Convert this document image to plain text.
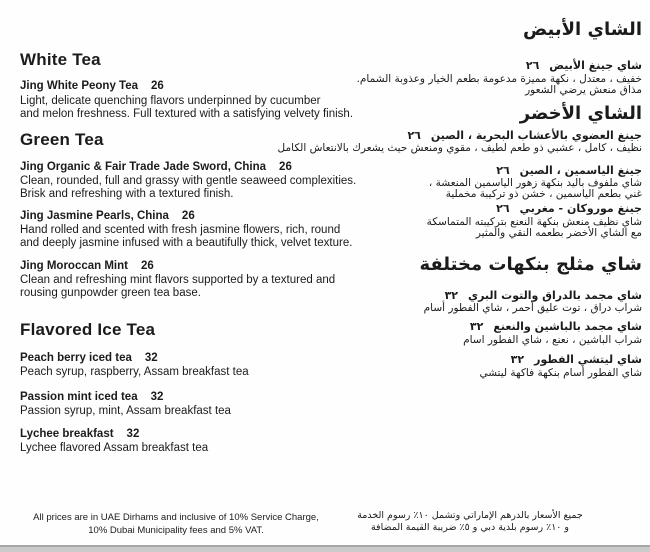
White Tea
Jing White Peony Tea 26
Light, delicate quenching flavors underpinned by cucumber
and melon freshness. Full textured with a satisfying velvety finish.
Green Tea
Jing Organic & Fair Trade Jade Sword, China 26
Clean, rounded, full and grassy with gentle seaweed complexities.
Brisk and refreshing with a textured finish.
Jing Jasmine Pearls, China 26
Hand rolled and scented with fresh jasmine flowers, rich, round
and deeply jasmine infused with a beautifully thick, velvet texture.
Jing Moroccan Mint 26
Clean and refreshing mint flavors supported by a textured and
rousing gunpowder green tea base.
Flavored Ice Tea
Peach berry iced tea 32
Peach syrup, raspberry, Assam breakfast tea
Passion mint iced tea 32
Passion syrup, mint, Assam breakfast tea
Lychee breakfast 32
Lychee flavored Assam breakfast tea
All prices are in UAE Dirhams and inclusive of 10% Service Charge,
10% Dubai Municipality fees and 5% VAT.
الشاي الأبيض
شاي جينغ الأبيض٢٦
خفيف ، معتدل ، نكهة مميزة مدعومة بطعم الخيار وعذوبة الشمام.
مذاق منعش يرضي الشعور
الشاي الأخضر
جينغ العضوي بالأعشاب البحرية ، الصين٢٦
نظيف ، كامل ، عشبي ذو طعم لطيف ، مقوي ومنعش حيث يشعرك بالانتعاش الكامل
جينغ الياسمين ، الصين٢٦
شاي ملفوف باليد بنكهة زهور الياسمين المنعشة ،
غني بطعم الياسمين ، خشن ذو تركيبة مخملية
جينغ موروكان - مغربي٢٦
شاي نظيف منعش بنكهة النعنع بتركيبته المتماسكة
مع الشاي الأخضر بطعمه النقي والمثير
شاي مثلج بنكهات مختلفة
شاي مجمد بالدراق والتوت البري٣٢
شراب دراق ، توت عليق أحمر ، شاي الفطور أسام
شاي مجمد بالباشين والنعنع٣٢
شراب الباشين ، نعنع ، شاي الفطور اسام
شاي ليتشي الفطور٣٢
شاي الفطور أسام بنكهة فاكهة ليتشي
جميع الأسعار بالدرهم الإماراتي وتشمل ١٠٪ رسوم الخدمة
و ١٠٪ رسوم بلدية دبي و ٥٪ ضريبة القيمة المضافة
